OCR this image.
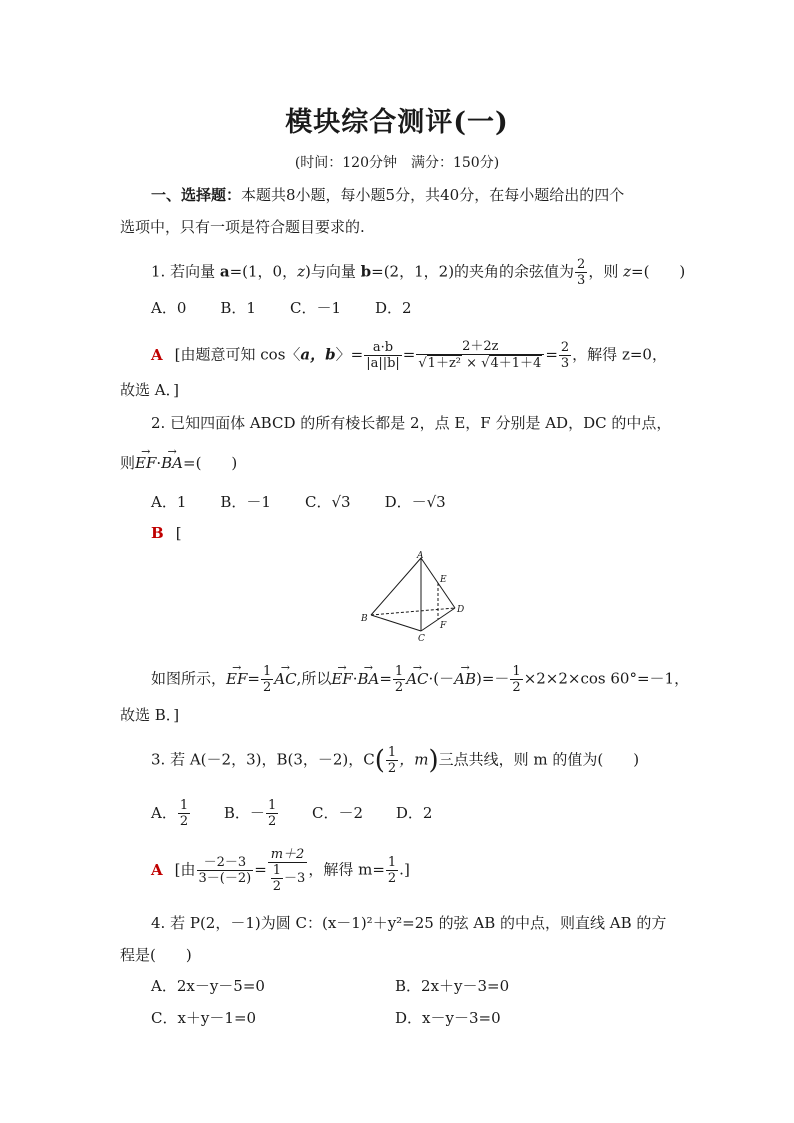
模块综合测评(一)
(时间：120分钟　满分：150分)
一、选择题：本题共8小题，每小题5分，共40分，在每小题给出的四个
选项中，只有一项是符合题目要求的.
1. 若向量 a=(1，0，z)与向量 b=(2，1，2)的夹角的余弦值为 $\frac{2}{3}$ ，则 z=(　　)
A．0 B．1 C．－1 D．2
A [由题意可知 cos〈a，b〉= $\frac{a\cdot b}{|a||b|} = \frac{2+2z}{\text{√1＋z² × √4＋1＋4}} = \frac{2}{3}$ ，解得 z=0，
故选 A．]
2. 已知四面体 ABCD 的所有棱长都是 2，点 E，F 分别是 AD，DC 的中点，
则→ EF·→ BA=(　　)
A．1 B．－1 C．√3 D．－√3
B [
A
B
C
D
E
F
如图所示，→ $EF= \frac{1}{2}$
→ AC,所以→ $EF\cdot\to BA= \frac{1}{2}$
→ $AC\cdot(-\to AB)=- \frac{1}{2} \times 2\times 2\times\cos$ 60°=－1，
故选 B．]
3. 若 A(－2，3)，B(3，－2)，$C( \frac{1}{2}$ ，m)三点共线，则 m 的值为(　　)
A． $\frac{1}{2}$ B．－ $\frac{1}{2}$ C．－2 D．2
A [由 $\frac{-2-3}{3-(-2)} = \frac{m+2}{\frac{1}{2} -3}$ ，解得 $m= \frac{1}{2}$ .]
4. 若 P(2，－1)为圆 C：(x－1)²＋y²=25 的弦 AB 的中点，则直线 AB 的方
程是(　　)
A．2x－y－5=0	B．2x＋y－3=0
C．x＋y－1=0	D．x－y－3=0
